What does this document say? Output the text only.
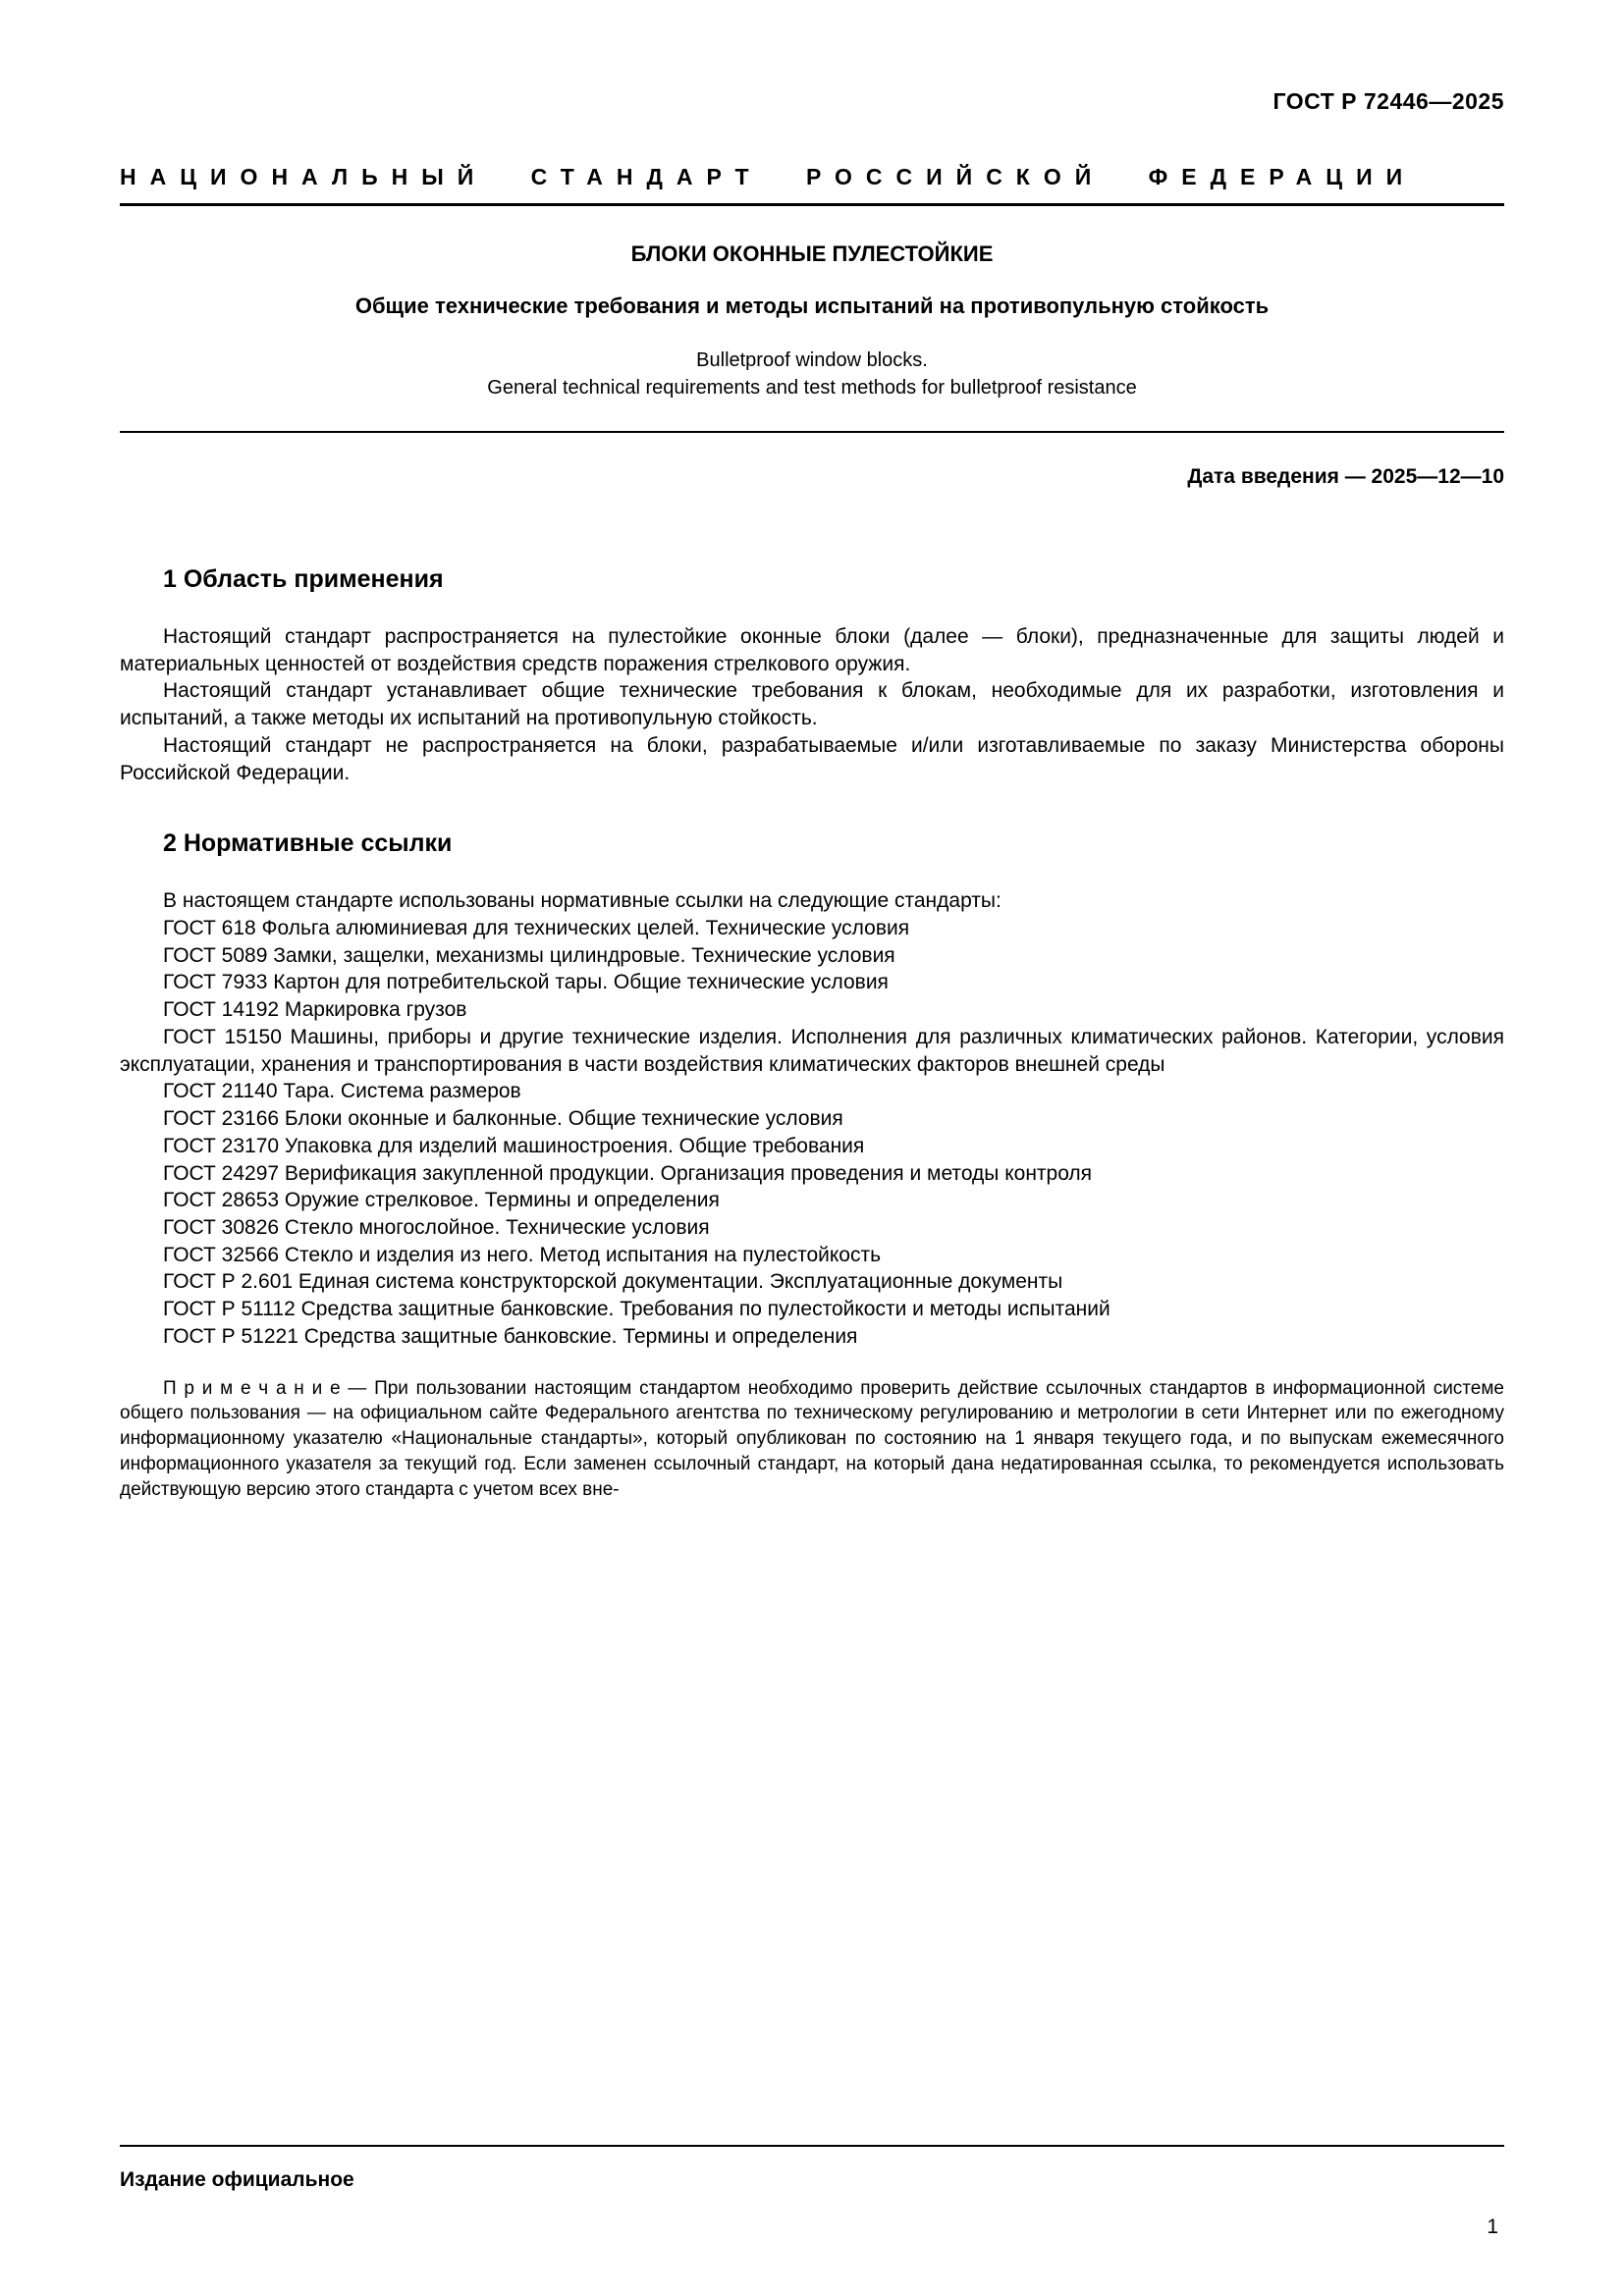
ГОСТ Р 72446—2025
НАЦИОНАЛЬНЫЙ СТАНДАРТ РОССИЙСКОЙ ФЕДЕРАЦИИ
БЛОКИ ОКОННЫЕ ПУЛЕСТОЙКИЕ
Общие технические требования и методы испытаний на противопульную стойкость
Bulletproof window blocks.
General technical requirements and test methods for bulletproof resistance
Дата введения — 2025—12—10
1 Область применения

Настоящий стандарт распространяется на пулестойкие оконные блоки (далее — блоки), предназначенные для защиты людей и материальных ценностей от воздействия средств поражения стрелкового оружия.

Настоящий стандарт устанавливает общие технические требования к блокам, необходимые для их разработки, изготовления и испытаний, а также методы их испытаний на противопульную стойкость.

Настоящий стандарт не распространяется на блоки, разрабатываемые и/или изготавливаемые по заказу Министерства обороны Российской Федерации.

2 Нормативные ссылки

В настоящем стандарте использованы нормативные ссылки на следующие стандарты:

ГОСТ 618 Фольга алюминиевая для технических целей. Технические условия

ГОСТ 5089 Замки, защелки, механизмы цилиндровые. Технические условия

ГОСТ 7933 Картон для потребительской тары. Общие технические условия

ГОСТ 14192 Маркировка грузов

ГОСТ 15150 Машины, приборы и другие технические изделия. Исполнения для различных климатических районов. Категории, условия эксплуатации, хранения и транспортирования в части воздействия климатических факторов внешней среды

ГОСТ 21140 Тара. Система размеров

ГОСТ 23166 Блоки оконные и балконные. Общие технические условия

ГОСТ 23170 Упаковка для изделий машиностроения. Общие требования

ГОСТ 24297 Верификация закупленной продукции. Организация проведения и методы контроля

ГОСТ 28653 Оружие стрелковое. Термины и определения

ГОСТ 30826 Стекло многослойное. Технические условия

ГОСТ 32566 Стекло и изделия из него. Метод испытания на пулестойкость

ГОСТ Р 2.601 Единая система конструкторской документации. Эксплуатационные документы

ГОСТ Р 51112 Средства защитные банковские. Требования по пулестойкости и методы испытаний

ГОСТ Р 51221 Средства защитные банковские. Термины и определения

П р и м е ч а н и е — При пользовании настоящим стандартом необходимо проверить действие ссылочных стандартов в информационной системе общего пользования — на официальном сайте Федерального агентства по техническому регулированию и метрологии в сети Интернет или по ежегодному информационному указателю «Национальные стандарты», который опубликован по состоянию на 1 января текущего года, и по выпускам ежемесячного информационного указателя за текущий год. Если заменен ссылочный стандарт, на который дана недатированная ссылка, то рекомендуется использовать действующую версию этого стандарта с учетом всех вне-

Издание официальное
1
